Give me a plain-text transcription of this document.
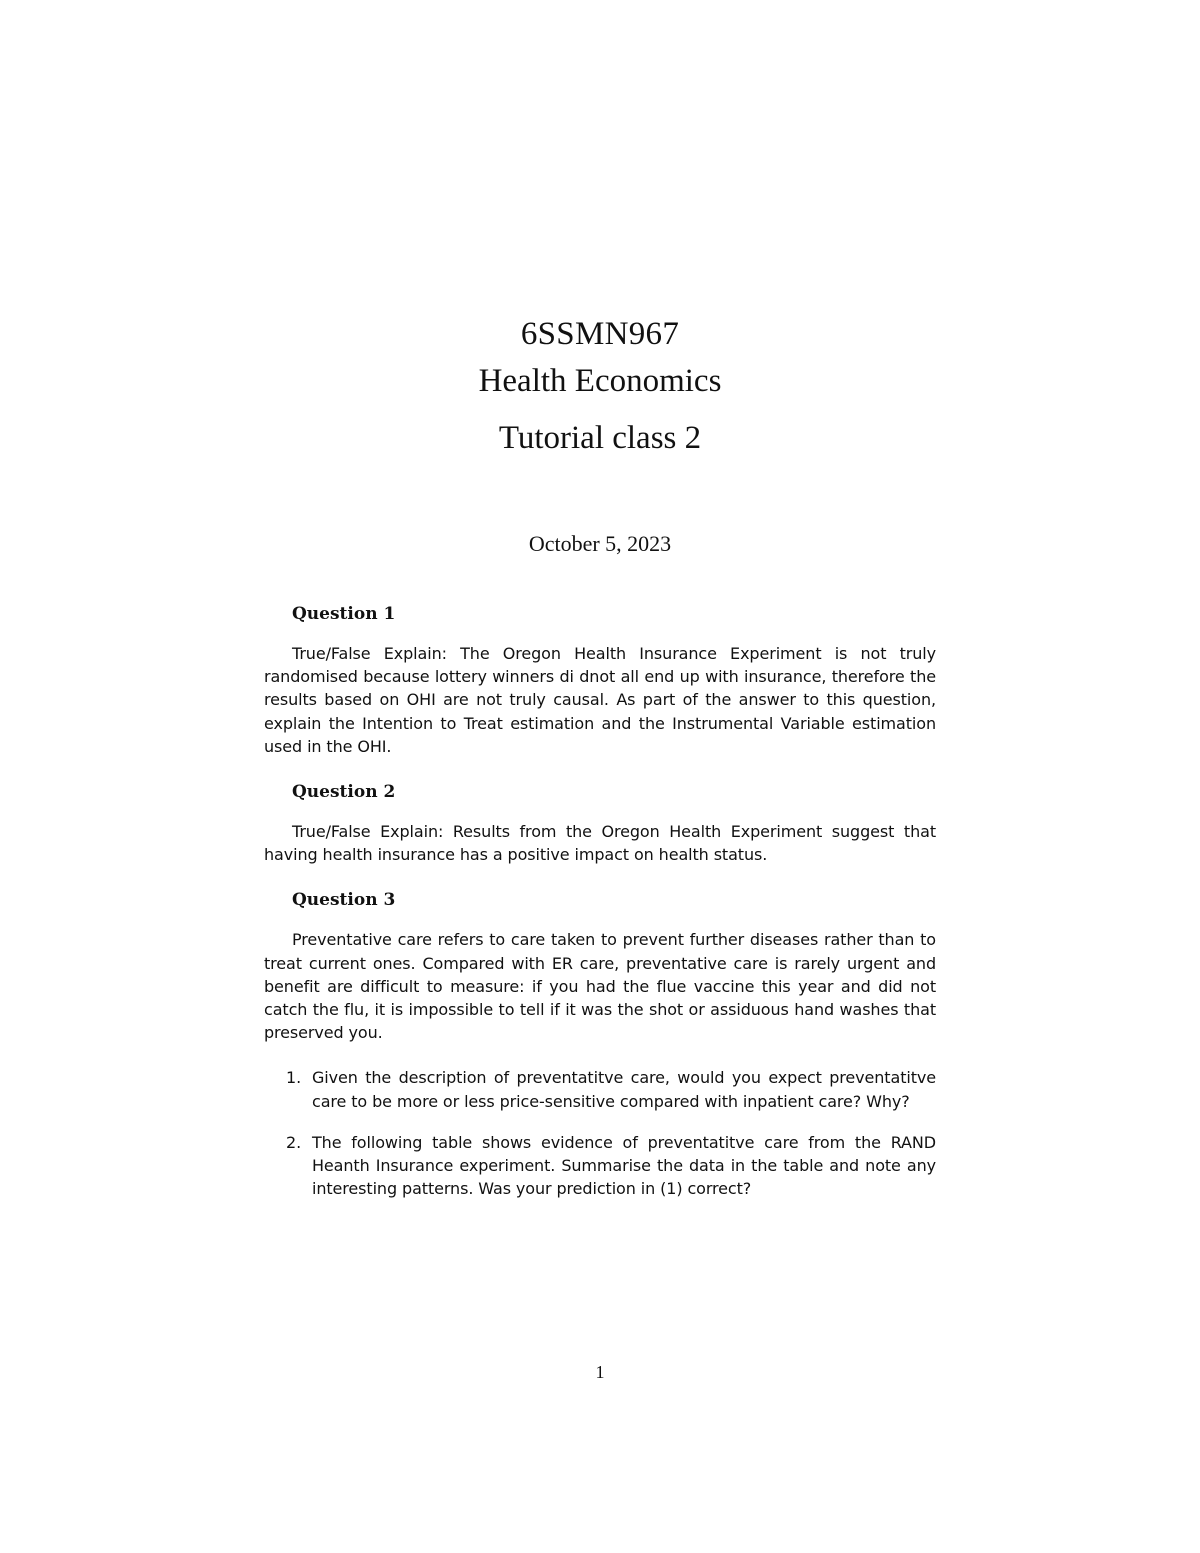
6SSMN967
Health Economics
Tutorial class 2
October 5, 2023
Question 1

True/False Explain: The Oregon Health Insurance Experiment is not truly randomised because lottery winners di dnot all end up with insurance, therefore the results based on OHI are not truly causal. As part of the answer to this question, explain the Intention to Treat estimation and the Instrumental Variable estimation used in the OHI.

Question 2

True/False Explain: Results from the Oregon Health Experiment suggest that having health insurance has a positive impact on health status.

Question 3

Preventative care refers to care taken to prevent further diseases rather than to treat current ones. Compared with ER care, preventative care is rarely urgent and benefit are difficult to measure: if you had the flue vaccine this year and did not catch the flu, it is impossible to tell if it was the shot or assiduous hand washes that preserved you.

1. Given the description of preventatitve care, would you expect preventatitve care to be more or less price-sensitive compared with inpatient care? Why?
2. The following table shows evidence of preventatitve care from the RAND Heanth Insurance experiment. Summarise the data in the table and note any interesting patterns. Was your prediction in (1) correct?
1
